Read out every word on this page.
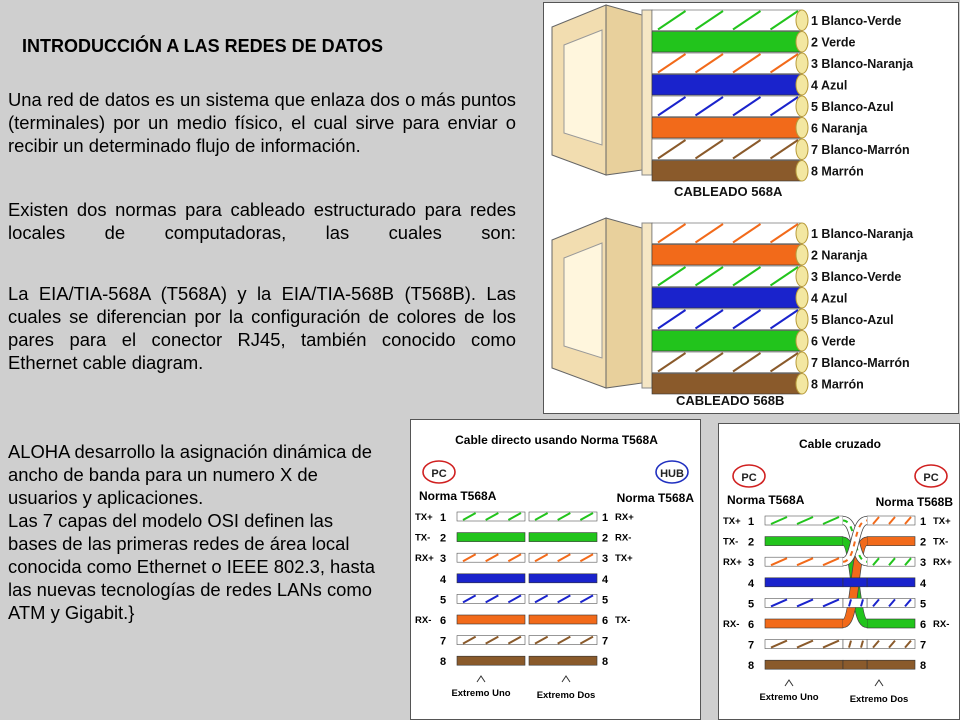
INTRODUCCIÓN A LAS REDES DE DATOS

Una red de datos es un sistema que enlaza dos o más puntos (terminales) por un medio físico, el cual sirve para enviar o recibir un determinado flujo de información.

Existen dos normas para cableado estructurado para redes locales de computadoras, las cuales son :

La EIA/TIA-568A (T568A) y la EIA/TIA-568B (T568B). Las cuales se diferencian por la configuración de colores de los pares para el conector RJ45, también conocido como Ethernet cable diagram.

ALOHA desarrollo la asignación dinámica de ancho de banda para un numero X de usuarios y aplicaciones.
Las 7 capas del modelo OSI definen las bases de las primeras redes de área local conocida como Ethernet o IEEE 802.3, hasta las nuevas tecnologías de redes LANs como ATM y Gigabit.}
1 Blanco-Verde
2 Verde
3 Blanco-Naranja
4 Azul
5 Blanco-Azul
6 Naranja
7 Blanco-Marrón
8 Marrón
CABLEADO 568A
1 Blanco-Naranja
2 Naranja
3 Blanco-Verde
4 Azul
5 Blanco-Azul
6 Verde
7 Blanco-Marrón
8 Marrón
CABLEADO 568B
Cable directo usando Norma T568A
PC	HUB
Norma T568A	Norma T568A
TX+ 1	1 RX+
TX- 2	2 RX-
RX+ 3	3 TX+
4	4
5	5
RX- 6	6 TX-
7	7
8	8
Extremo Uno	Extremo Dos
Cable cruzado
PC	PC
Norma T568A	Norma T568B
TX+ 1	1 TX+
TX- 2	2 TX-
RX+ 3	3 RX+
4	4
5	5
RX- 6	6 RX-
7	7
8	8
Extremo Uno	Extremo Dos
